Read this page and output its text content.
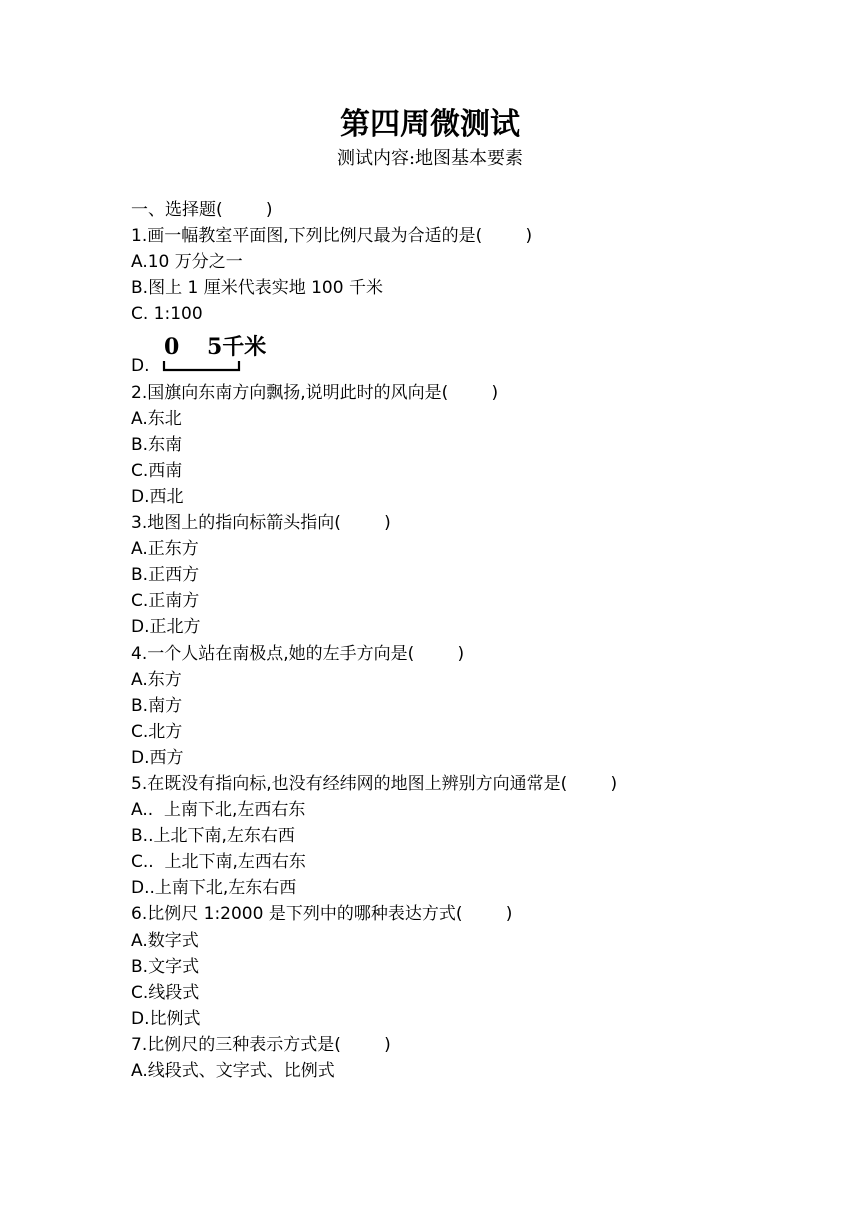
第四周微测试
测试内容:地图基本要素
一、选择题(        )
1.画一幅教室平面图,下列比例尺最为合适的是(        )
A.10 万分之一
B.图上 1 厘米代表实地 100 千米
C. 1:100
D.
2.国旗向东南方向飘扬,说明此时的风向是(        )
A.东北
B.东南
C.西南
D.西北
3.地图上的指向标箭头指向(        )
A.正东方
B.正西方
C.正南方
D.正北方
4.一个人站在南极点,她的左手方向是(        )
A.东方
B.南方
C.北方
D.西方
5.在既没有指向标,也没有经纬网的地图上辨别方向通常是(        )
A..  上南下北,左西右东
B..上北下南,左东右西
C..  上北下南,左西右东
D..上南下北,左东右西
6.比例尺 1:2000 是下列中的哪种表达方式(        )
A.数字式
B.文字式
C.线段式
D.比例式
7.比例尺的三种表示方式是(        )
A.线段式、文字式、比例式
0 5千米
